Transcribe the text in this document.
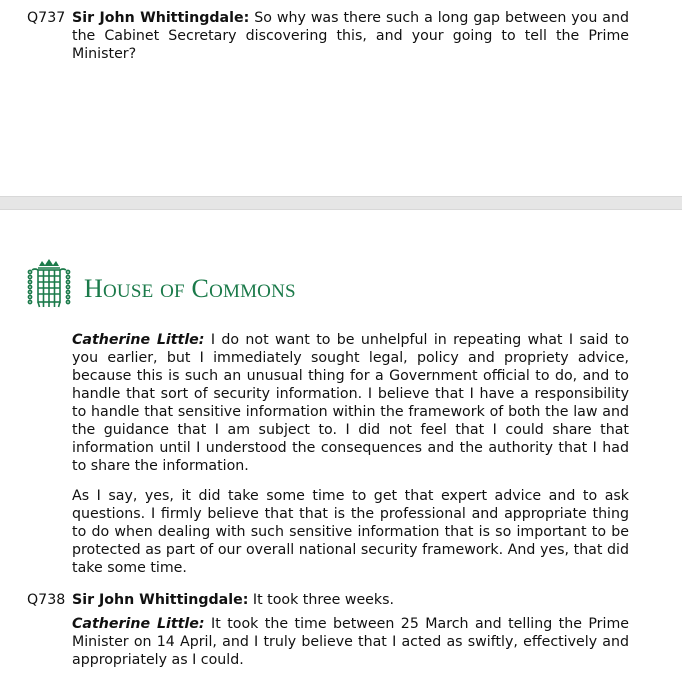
Q737 Sir John Whittingdale: So why was there such a long gap between you and the Cabinet Secretary discovering this, and your going to tell the Prime Minister?

HOUSE OF COMMONS

Catherine Little: I do not want to be unhelpful in repeating what I said to you earlier, but I immediately sought legal, policy and propriety advice, because this is such an unusual thing for a Government official to do, and to handle that sort of security information. I believe that I have a responsibility to handle that sensitive information within the framework of both the law and the guidance that I am subject to. I did not feel that I could share that information until I understood the consequences and the authority that I had to share the information.

As I say, yes, it did take some time to get that expert advice and to ask questions. I firmly believe that that is the professional and appropriate thing to do when dealing with such sensitive information that is so important to be protected as part of our overall national security framework. And yes, that did take some time.

Q738 Sir John Whittingdale: It took three weeks.

Catherine Little: It took the time between 25 March and telling the Prime Minister on 14 April, and I truly believe that I acted as swiftly, effectively and appropriately as I could.
